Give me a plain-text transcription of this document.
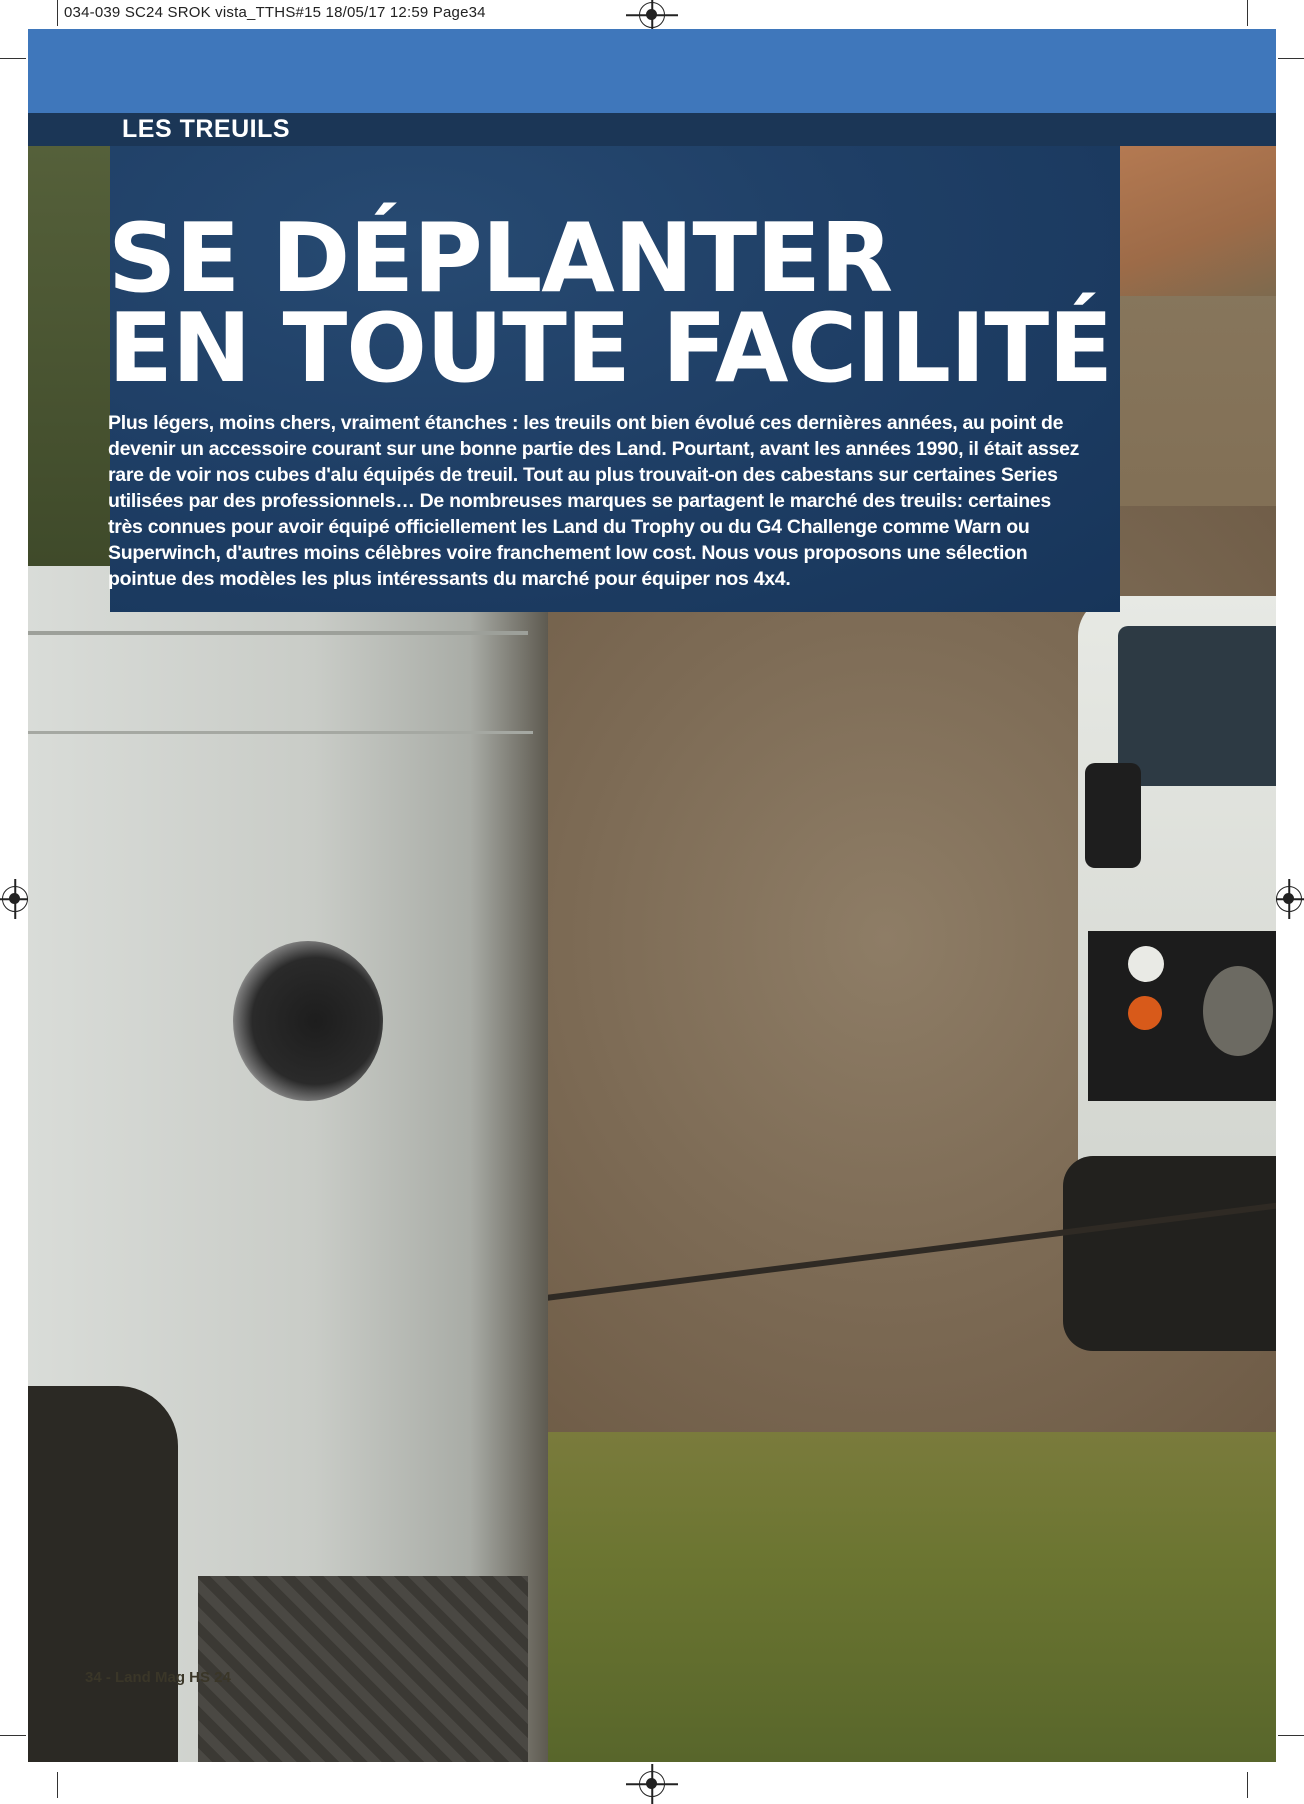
034-039 SC24 SROK vista_TTHS#15 18/05/17 12:59 Page34
LES TREUILS
SE DÉPLANTER
EN TOUTE FACILITÉ
Plus légers, moins chers, vraiment étanches : les treuils ont bien évolué ces dernières années, au point de
devenir un accessoire courant sur une bonne partie des Land. Pourtant, avant les années 1990, il était assez
rare de voir nos cubes d'alu équipés de treuil. Tout au plus trouvait-on des cabestans sur certaines Series
utilisées par des professionnels… De nombreuses marques se partagent le marché des treuils: certaines
très connues pour avoir équipé officiellement les Land du Trophy ou du G4 Challenge comme Warn ou
Superwinch, d'autres moins célèbres voire franchement low cost. Nous vous proposons une sélection
pointue des modèles les plus intéressants du marché pour équiper nos 4x4.
34 - Land Mag HS 24
